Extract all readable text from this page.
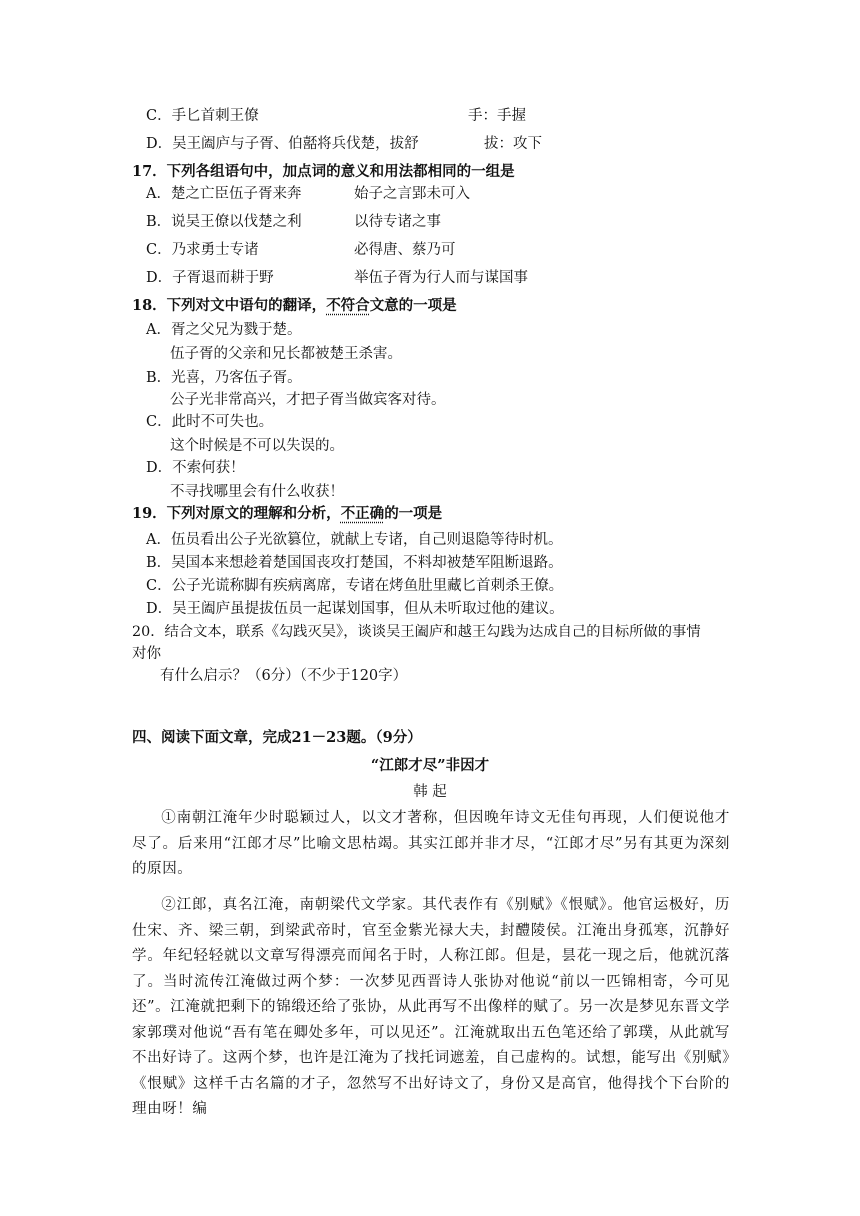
C．手匕首刺王僚	手：手握
D．吴王阖庐与子胥、伯嚭将兵伐楚，拔舒	拔：攻下
17．下列各组语句中，加点词的意义和用法都相同的一组是
A．楚之亡臣伍子胥来奔	始子之言郢未可入
B．说吴王僚以伐楚之利	以待专诸之事
C．乃求勇士专诸	必得唐、蔡乃可
D．子胥退而耕于野	举伍子胥为行人而与谋国事
18．下列对文中语句的翻译，不符合文意的一项是
A．胥之父兄为戮于楚。
伍子胥的父亲和兄长都被楚王杀害。
B．光喜，乃客伍子胥。
公子光非常高兴，才把子胥当做宾客对待。
C．此时不可失也。
这个时候是不可以失误的。
D．不索何获！
不寻找哪里会有什么收获！
19．下列对原文的理解和分析，不正确的一项是
A．伍员看出公子光欲篡位，就献上专诸，自己则退隐等待时机。
B．吴国本来想趁着楚国国丧攻打楚国，不料却被楚军阻断退路。
C．公子光谎称脚有疾病离席，专诸在烤鱼肚里藏匕首刺杀王僚。
D．吴王阖庐虽提拔伍员一起谋划国事，但从未听取过他的建议。
20．结合文本，联系《勾践灭吴》，谈谈吴王阖庐和越王勾践为达成自己的目标所做的事情
对你
有什么启示？（6分）（不少于120字）
四、阅读下面文章，完成21－23题。（9分）
“江郎才尽”非因才
韩 起
①南朝江淹年少时聪颖过人，以文才著称，但因晚年诗文无佳句再现，人们便说他才尽了。后来用“江郎才尽”比喻文思枯竭。其实江郎并非才尽，“江郎才尽”另有其更为深刻的原因。
②江郎，真名江淹，南朝梁代文学家。其代表作有《别赋》《恨赋》。他官运极好，历仕宋、齐、梁三朝，到梁武帝时，官至金紫光禄大夫，封醴陵侯。江淹出身孤寒，沉静好学。年纪轻轻就以文章写得漂亮而闻名于时，人称江郎。但是，昙花一现之后，他就沉落了。当时流传江淹做过两个梦：一次梦见西晋诗人张协对他说“前以一匹锦相寄，今可见还”。江淹就把剩下的锦缎还给了张协，从此再写不出像样的赋了。另一次是梦见东晋文学家郭璞对他说“吾有笔在卿处多年，可以见还”。江淹就取出五色笔还给了郭璞，从此就写不出好诗了。这两个梦，也许是江淹为了找托词遮羞，自己虚构的。试想，能写出《别赋》《恨赋》这样千古名篇的才子，忽然写不出好诗文了，身份又是高官，他得找个下台阶的理由呀！编
